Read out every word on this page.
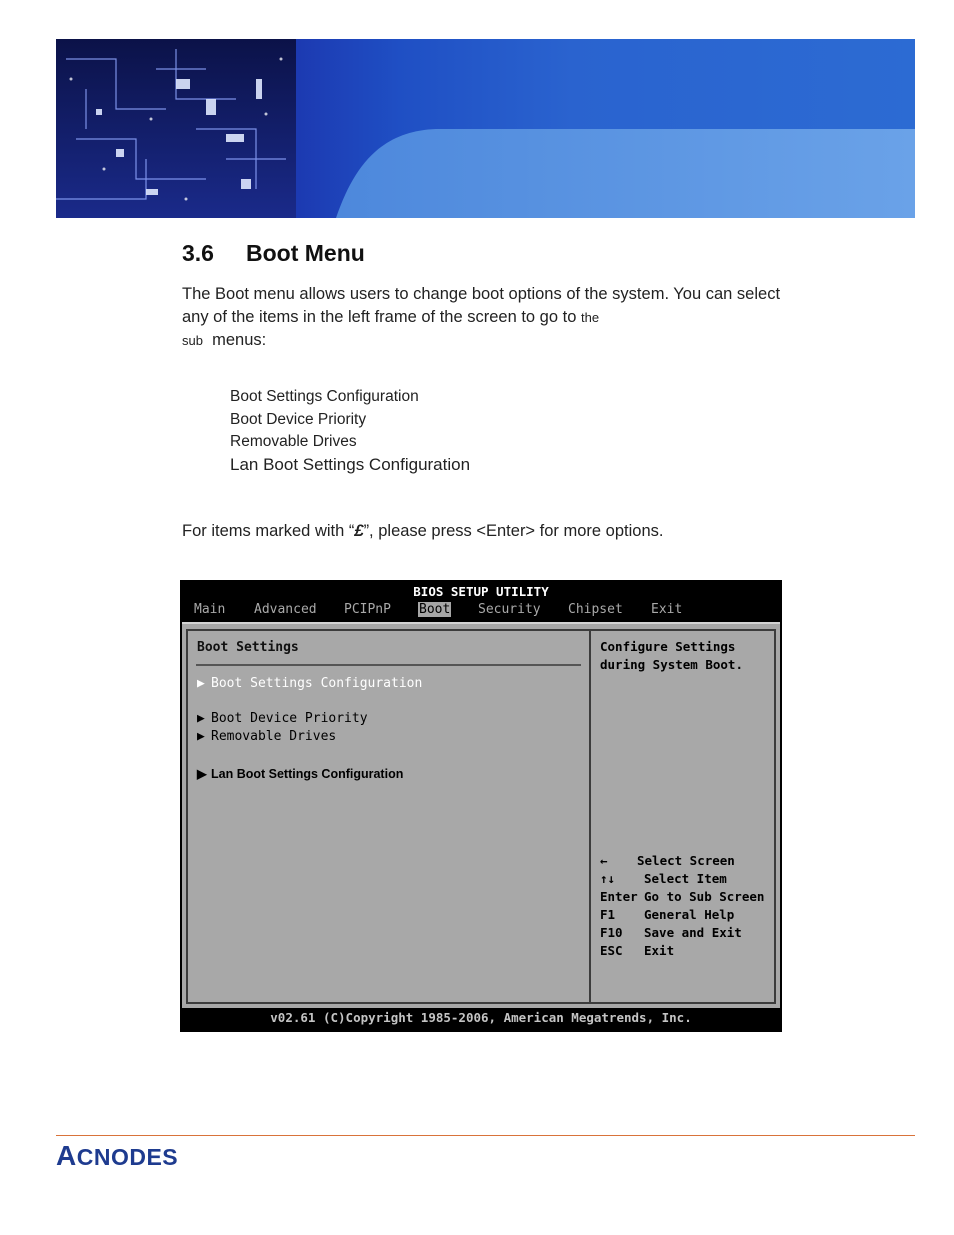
3.6 Boot Menu

The Boot menu allows users to change boot options of the system. You can select any of the items in the left frame of the screen to go to the
sub menus:

Boot Settings Configuration
Boot Device Priority
Removable Drives
Lan Boot Settings Configuration

For items marked with “£”, please press <Enter> for more options.

BIOS SETUP UTILITY
Main Advanced PCIPnP Boot Security Chipset Exit
Boot Settings
▶ Boot Settings Configuration
▶ Boot Device Priority
▶ Removable Drives
▶ Lan Boot Settings Configuration
Configure Settings
during System Boot.
← Select Screen
↑↓ Select Item
Enter Go to Sub Screen
F1 General Help
F10 Save and Exit
ESC Exit
v02.61 (C)Copyright 1985-2006, American Megatrends, Inc.
ACNODES
